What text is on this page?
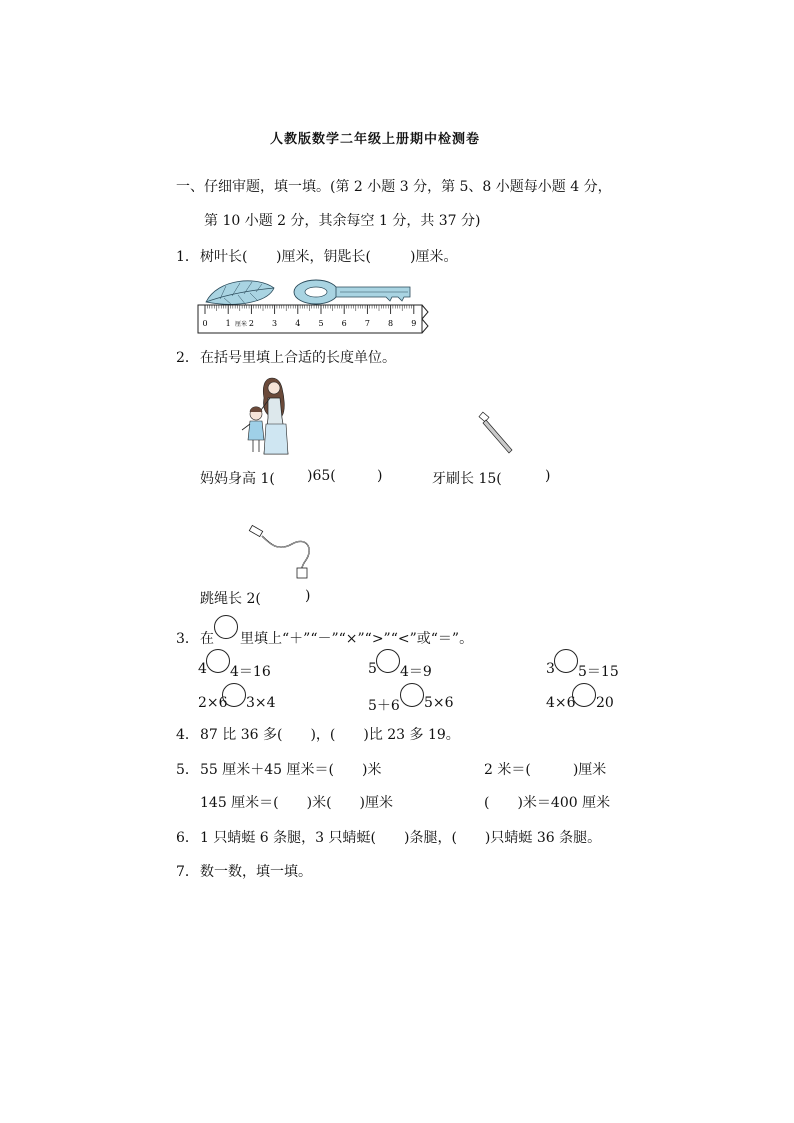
人教版数学二年级上册期中检测卷
一、仔细审题，填一填。(第 2 小题 3 分，第 5、8 小题每小题 4 分，
第 10 小题 2 分，其余每空 1 分，共 37 分)
1． 树叶长( )厘米，钥匙长(	)厘米。
0 1 2 3 4 5 6 7 8 9
厘米
2． 在括号里填上合适的长度单位。
妈妈身高 1( )65(	)	牙刷长 15(	)
跳绳长 2(	)
3． 在 里填上“＋”“－”“×”“>”“<”或“＝”。
4 4＝16	5 4＝9	3 5＝15
2×6 3×4	5＋6 5×6	4×6 20
4． 87 比 36 多(　　)，(　　)比 23 多 19。
5． 55 厘米＋45 厘米＝(　　)米	2 米＝(　　　)厘米
145 厘米＝(　　)米(　　)厘米	(　　)米＝400 厘米
6． 1 只蜻蜓 6 条腿，3 只蜻蜓(　　)条腿，(　　)只蜻蜓 36 条腿。
7． 数一数，填一填。
